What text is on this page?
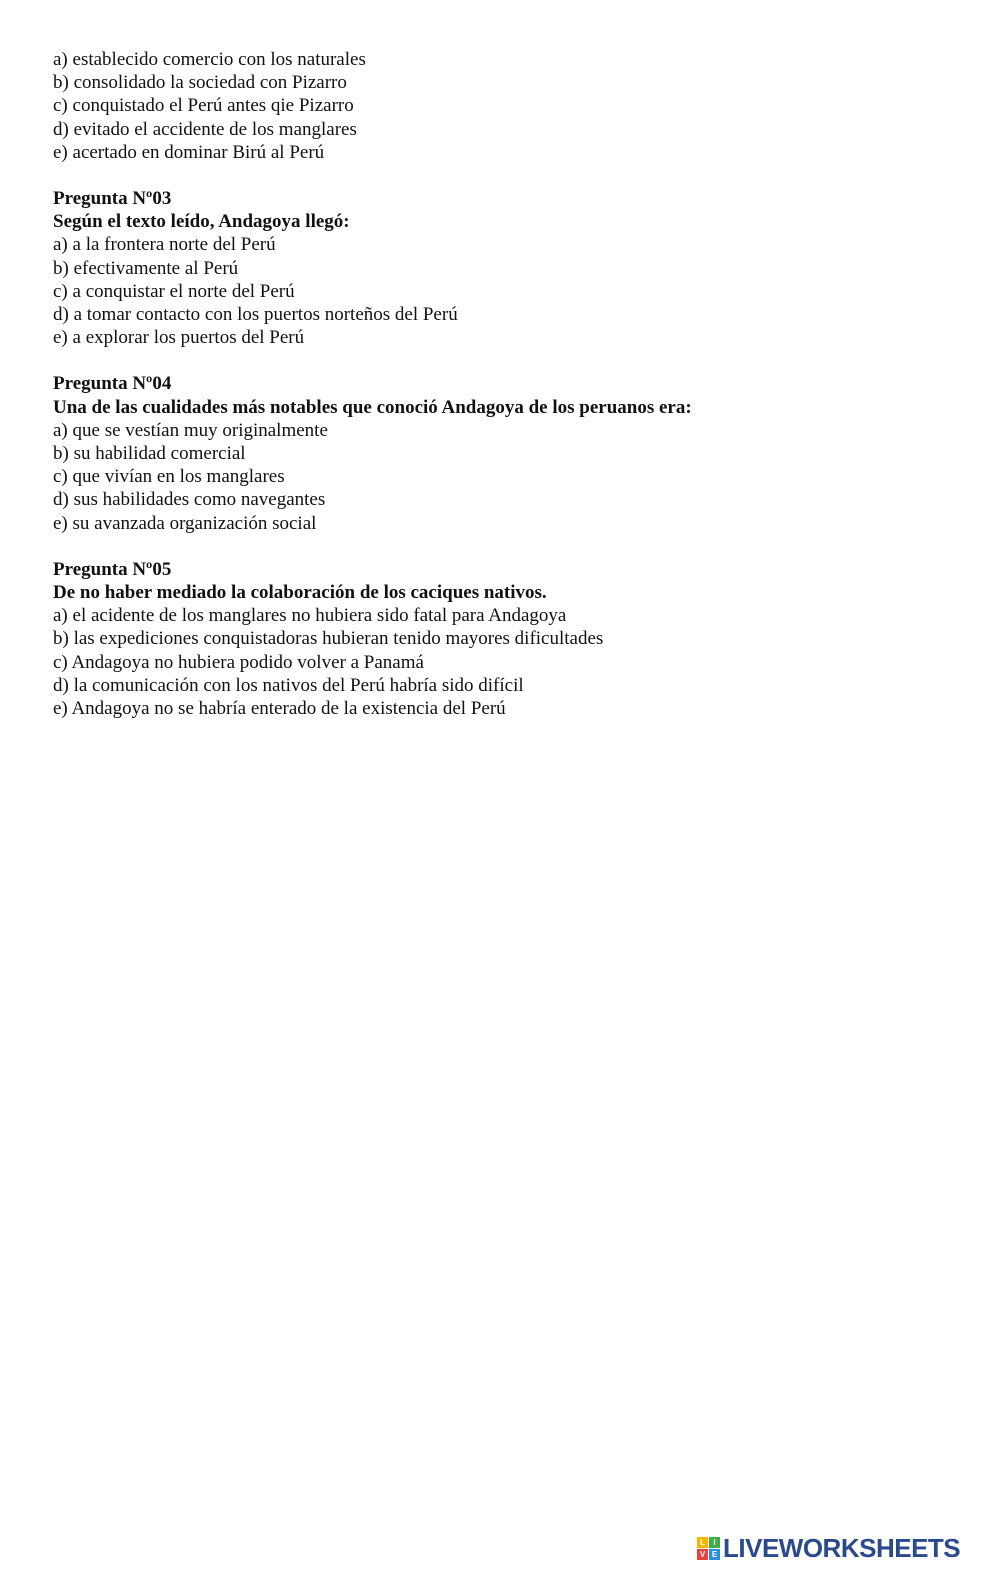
a) establecido comercio con los naturales
b) consolidado la sociedad con Pizarro
c) conquistado el Perú antes qie Pizarro
d) evitado el accidente de los manglares
e) acertado en dominar Birú al Perú
Pregunta Nº03
Según el texto leído, Andagoya llegó:
a) a la frontera norte del Perú
b) efectivamente al Perú
c) a conquistar el norte del Perú
d) a tomar contacto con los puertos norteños del Perú
e) a explorar los puertos del Perú
Pregunta Nº04
Una de las cualidades más notables que conoció Andagoya de los peruanos era:
a) que se vestían muy originalmente
b) su habilidad comercial
c) que vivían en los manglares
d) sus habilidades como navegantes
e) su avanzada organización social
Pregunta Nº05
De no haber mediado la colaboración de los caciques nativos.
a) el acidente de los manglares no hubiera sido fatal para Andagoya
b) las expediciones conquistadoras hubieran tenido mayores dificultades
c) Andagoya no hubiera podido volver a Panamá
d) la comunicación con los nativos del Perú habría sido difícil
e) Andagoya no se habría enterado de la existencia del Perú
L	I
V E LIVEWORKSHEETS
